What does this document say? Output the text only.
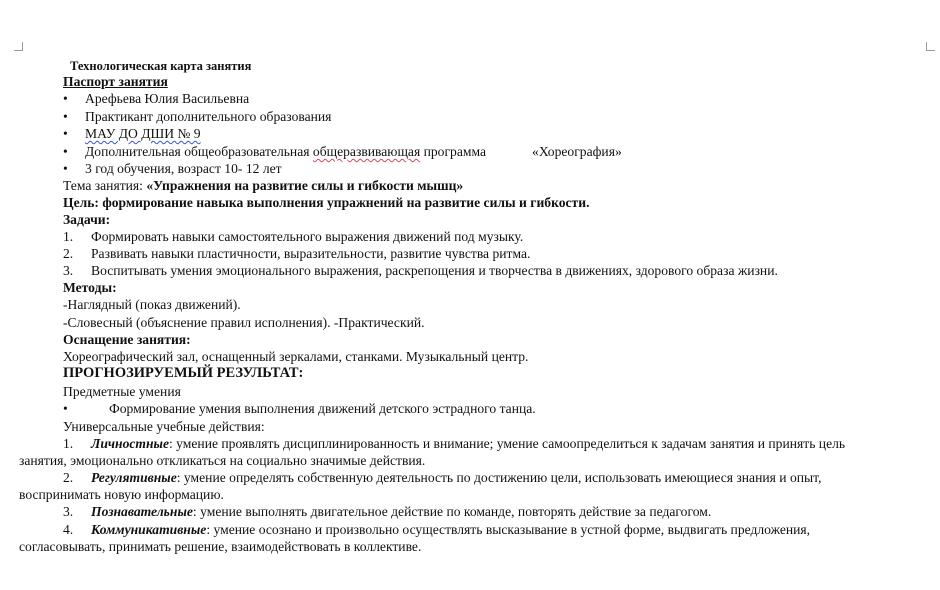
Технологическая карта занятия
Паспорт занятия
• Арефьева Юлия Васильевна
• Практикант дополнительного образования
• МАУ ДО ДШИ № 9
• Дополнительная общеобразовательная общеразвивающая программа	«Хореография»
• 3 год обучения, возраст 10- 12 лет
Тема занятия: «Упражнения на развитие силы и гибкости мышц»
Цель: формирование навыка выполнения упражнений на развитие силы и гибкости.
Задачи:
1. Формировать навыки самостоятельного выражения движений под музыку.
2. Развивать навыки пластичности, выразительности, развитие чувства ритма.
3. Воспитывать умения эмоционального выражения, раскрепощения и творчества в движениях, здорового образа жизни.
Методы:
-Наглядный (показ движений).
-Словесный (объяснение правил исполнения). -Практический.
Оснащение занятия:
Хореографический зал, оснащенный зеркалами, станками. Музыкальный центр.
ПРОГНОЗИРУЕМЫЙ РЕЗУЛЬТАТ:
Предметные умения
•	Формирование умения выполнения движений детского эстрадного танца.
Универсальные учебные действия:
1. Личностные: умение проявлять дисциплинированность и внимание; умение самоопределиться к задачам занятия и принять цель
занятия, эмоционально откликаться на социально значимые действия.
2. Регулятивные: умение определять собственную деятельность по достижению цели, использовать имеющиеся знания и опыт,
воспринимать новую информацию.
3. Познавательные: умение выполнять двигательное действие по команде, повторять действие за педагогом.
4. Коммуникативные: умение осознано и произвольно осуществлять высказывание в устной форме, выдвигать предложения,
согласовывать, принимать решение, взаимодействовать в коллективе.
